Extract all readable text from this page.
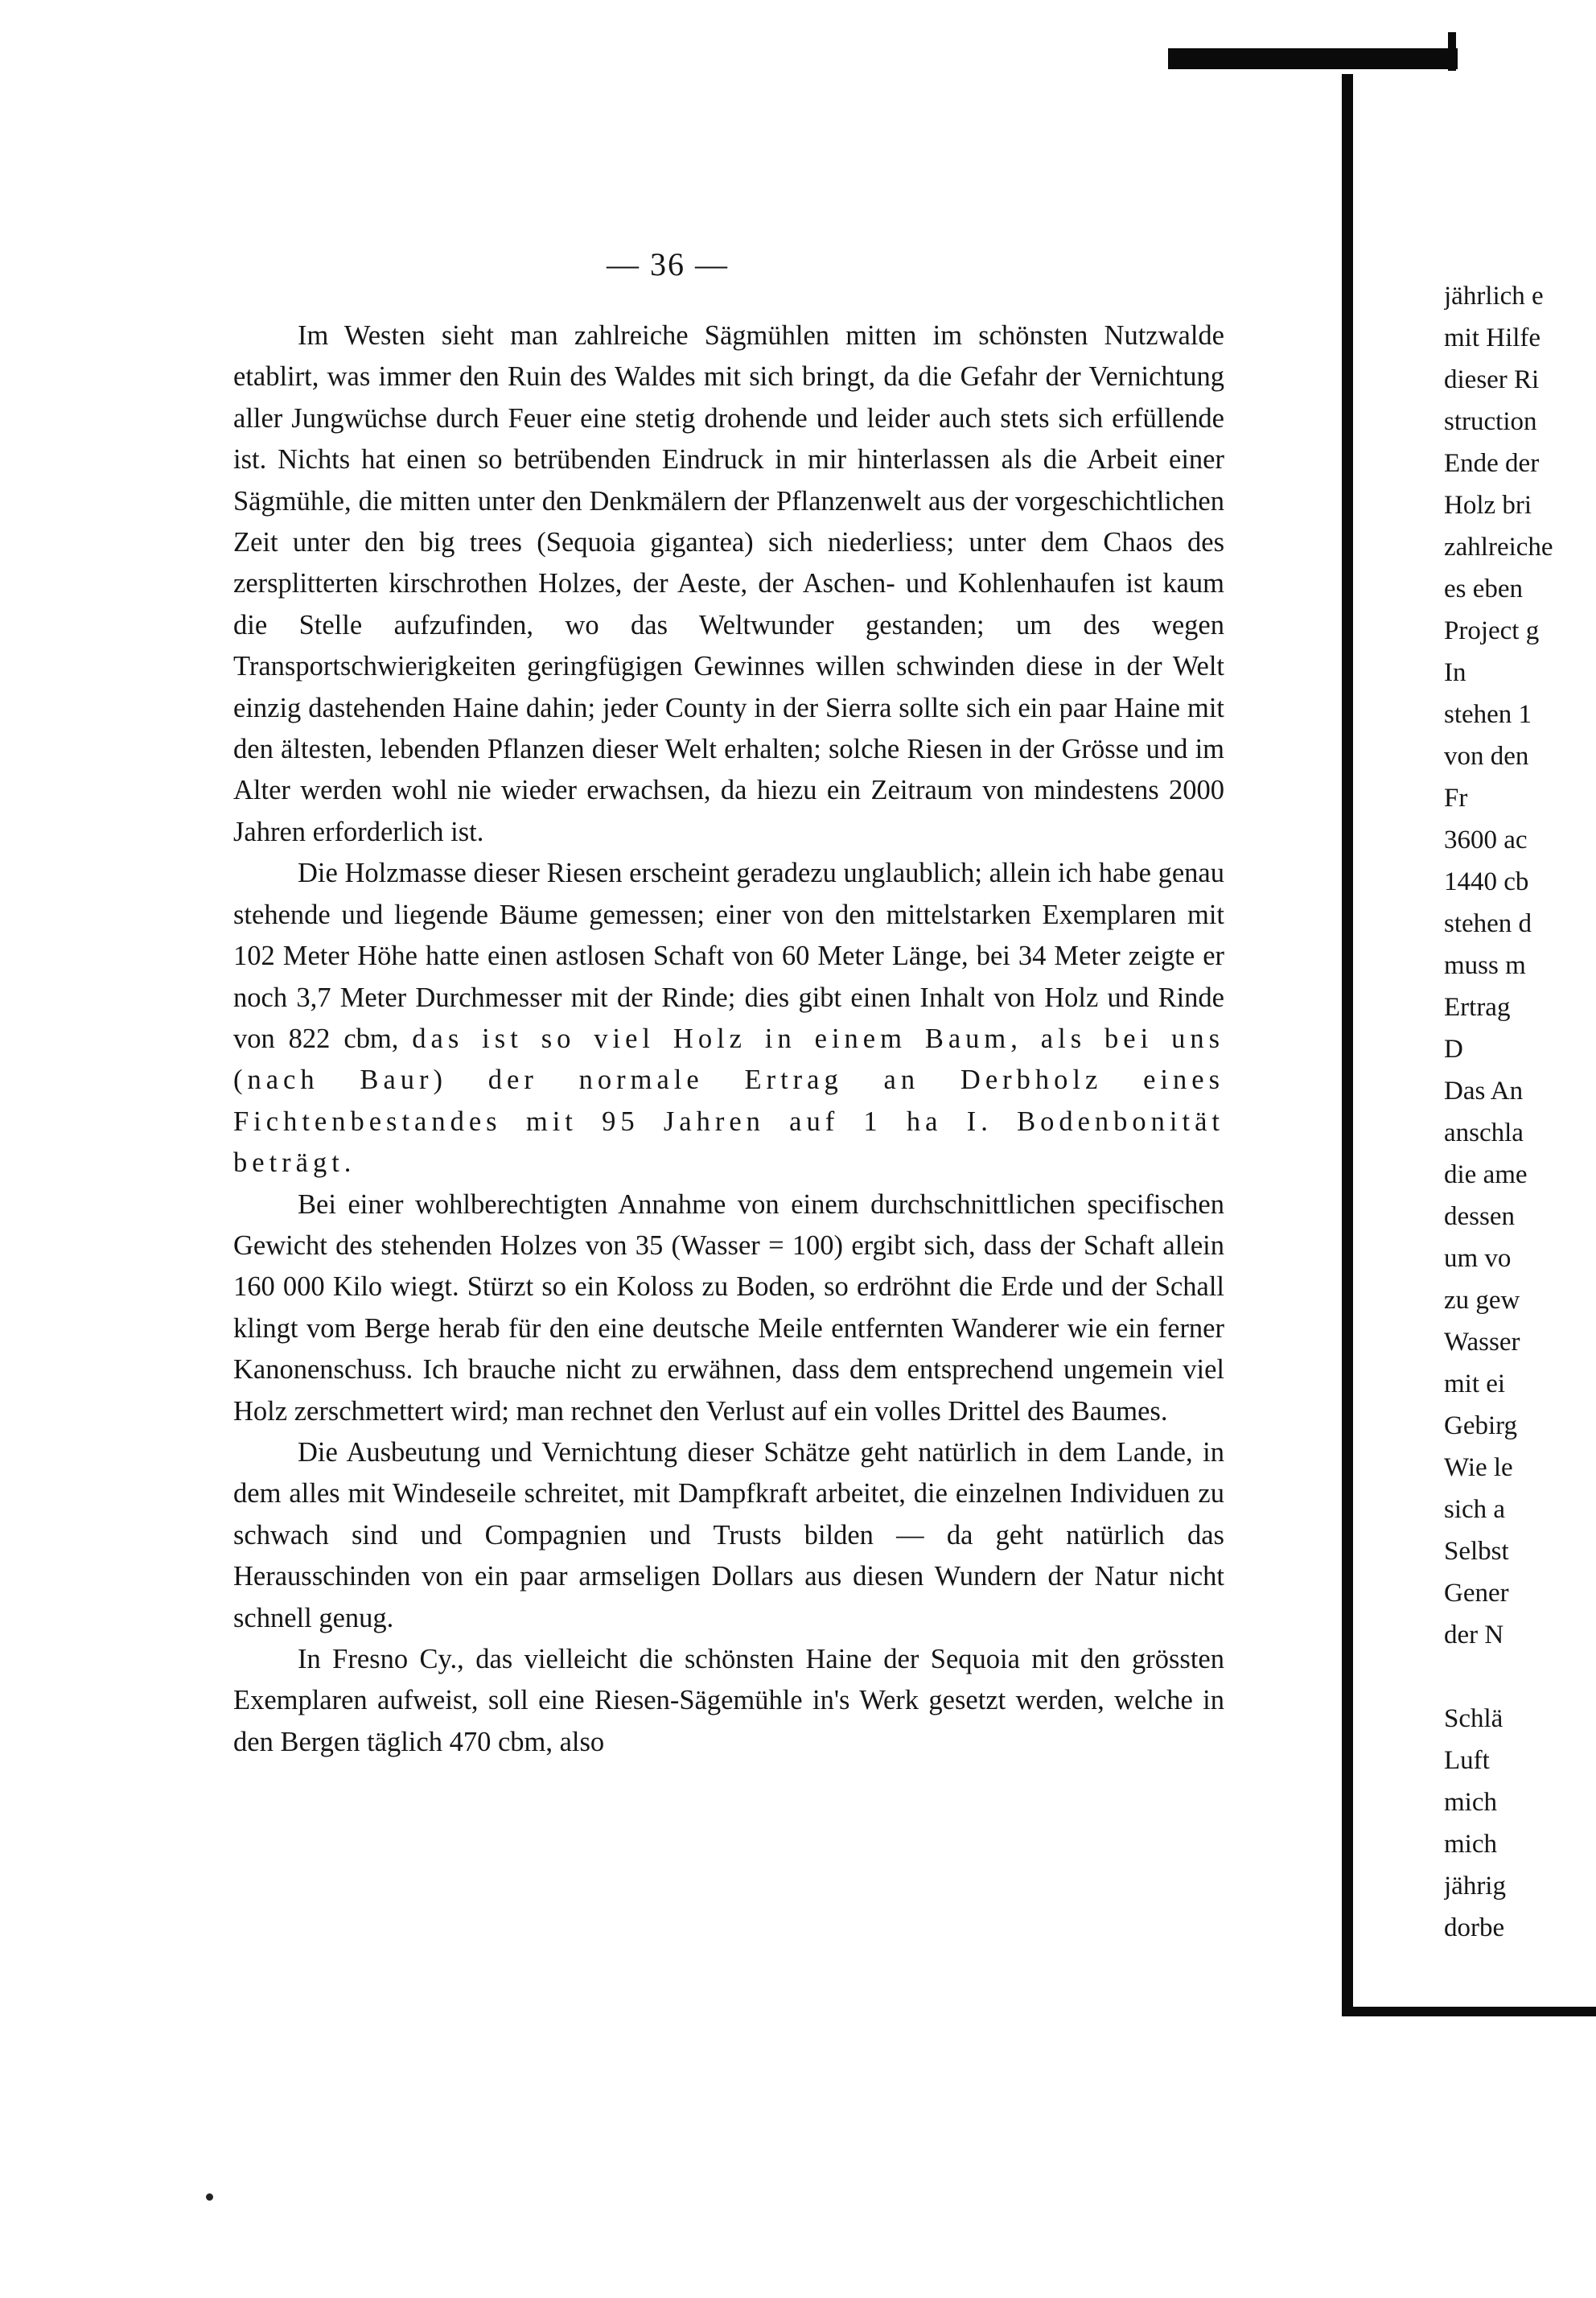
— 36 —

Im Westen sieht man zahlreiche Sägmühlen mitten im schönsten Nutzwalde etablirt, was immer den Ruin des Waldes mit sich bringt, da die Gefahr der Vernichtung aller Jungwüchse durch Feuer eine stetig drohende und leider auch stets sich erfüllende ist. Nichts hat einen so betrübenden Eindruck in mir hinterlassen als die Arbeit einer Sägmühle, die mitten unter den Denkmälern der Pflanzenwelt aus der vorgeschichtlichen Zeit unter den big trees (Sequoia gigantea) sich niederliess; unter dem Chaos des zersplitterten kirschrothen Holzes, der Aeste, der Aschen- und Kohlenhaufen ist kaum die Stelle aufzufinden, wo das Weltwunder gestanden; um des wegen Transportschwierigkeiten geringfügigen Gewinnes willen schwinden diese in der Welt einzig dastehenden Haine dahin; jeder County in der Sierra sollte sich ein paar Haine mit den ältesten, lebenden Pflanzen dieser Welt erhalten; solche Riesen in der Grösse und im Alter werden wohl nie wieder erwachsen, da hiezu ein Zeitraum von mindestens 2000 Jahren erforderlich ist.

Die Holzmasse dieser Riesen erscheint geradezu unglaublich; allein ich habe genau stehende und liegende Bäume gemessen; einer von den mittelstarken Exemplaren mit 102 Meter Höhe hatte einen astlosen Schaft von 60 Meter Länge, bei 34 Meter zeigte er noch 3,7 Meter Durchmesser mit der Rinde; dies gibt einen Inhalt von Holz und Rinde von 822 cbm, das ist so viel Holz in einem Baum, als bei uns (nach Baur) der normale Ertrag an Derbholz eines Fichtenbestandes mit 95 Jahren auf 1 ha I. Bodenbonität beträgt.

Bei einer wohlberechtigten Annahme von einem durchschnittlichen specifischen Gewicht des stehenden Holzes von 35 (Wasser = 100) ergibt sich, dass der Schaft allein 160 000 Kilo wiegt. Stürzt so ein Koloss zu Boden, so erdröhnt die Erde und der Schall klingt vom Berge herab für den eine deutsche Meile entfernten Wanderer wie ein ferner Kanonenschuss. Ich brauche nicht zu erwähnen, dass dem entsprechend ungemein viel Holz zerschmettert wird; man rechnet den Verlust auf ein volles Drittel des Baumes.

Die Ausbeutung und Vernichtung dieser Schätze geht natürlich in dem Lande, in dem alles mit Windeseile schreitet, mit Dampfkraft arbeitet, die einzelnen Individuen zu schwach sind und Compagnien und Trusts bilden — da geht natürlich das Herausschinden von ein paar armseligen Dollars aus diesen Wundern der Natur nicht schnell genug.

In Fresno Cy., das vielleicht die schönsten Haine der Sequoia mit den grössten Exemplaren aufweist, soll eine Riesen-Sägemühle in's Werk gesetzt werden, welche in den Bergen täglich 470 cbm, also

jährlich e
mit Hilfe
dieser Ri
struction
Ende der
Holz bri
zahlreiche
es eben
Project g
In
stehen 1
von den
Fr
3600 ac
1440 cb
stehen d
muss m
Ertrag
D
Das An
anschla
die ame
dessen
um vo
zu gew
Wasser
mit ei
Gebirg
Wie le
sich a
Selbst
Gener
der N
Schlä
Luft
mich
mich
jährig
dorbe
